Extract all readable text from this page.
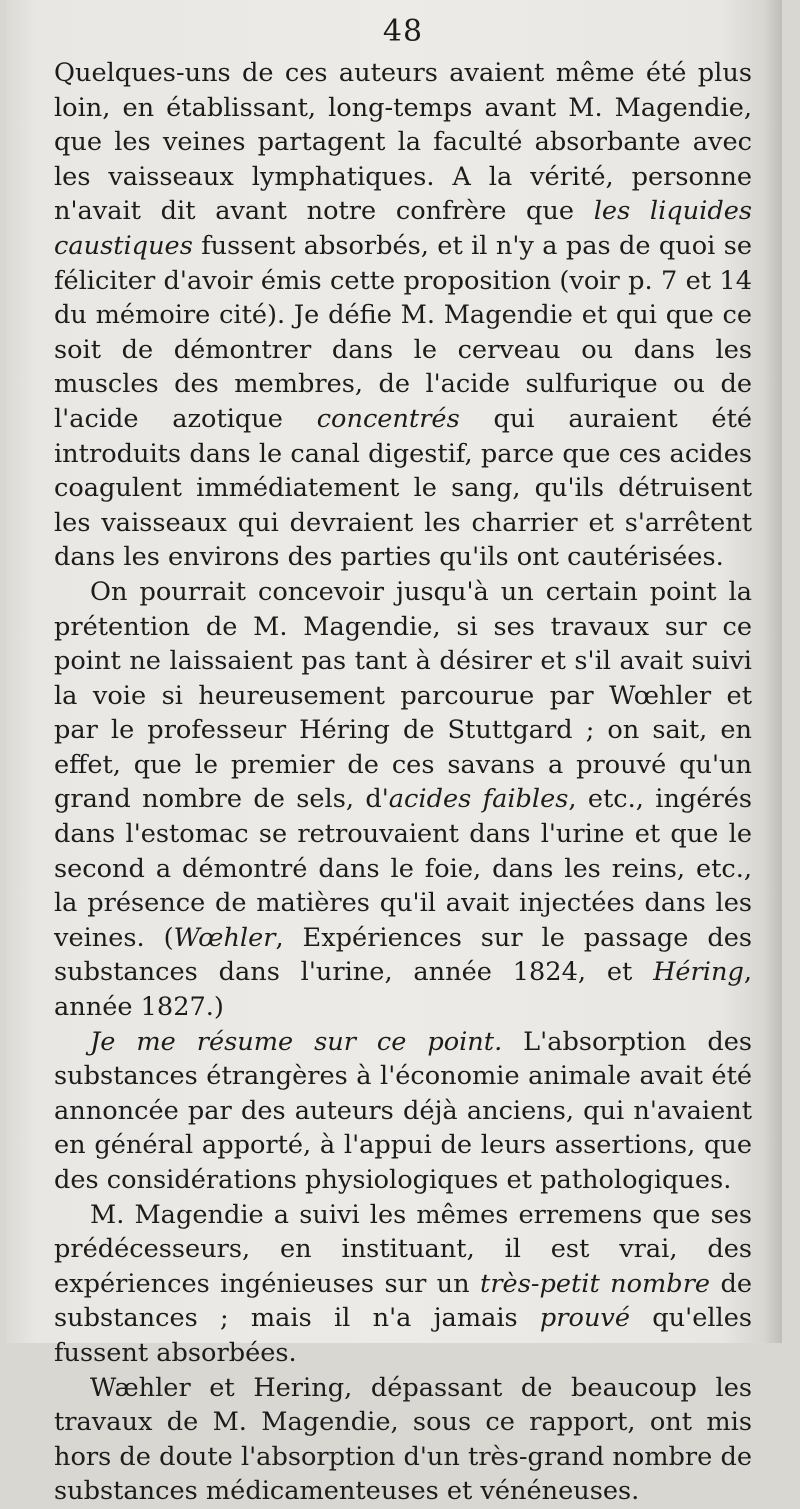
48

Quelques-uns de ces auteurs avaient même été plus loin, en établissant, long-temps avant M. Magendie, que les veines partagent la faculté absorbante avec les vaisseaux lymphatiques. A la vérité, personne n'avait dit avant notre confrère que les liquides caustiques fussent absorbés, et il n'y a pas de quoi se féliciter d'avoir émis cette proposition (voir p. 7 et 14 du mémoire cité). Je défie M. Magendie et qui que ce soit de démontrer dans le cerveau ou dans les muscles des membres, de l'acide sulfurique ou de l'acide azotique concentrés qui auraient été introduits dans le canal digestif, parce que ces acides coagulent immédiatement le sang, qu'ils détruisent les vaisseaux qui devraient les charrier et s'arrêtent dans les environs des parties qu'ils ont cautérisées.

On pourrait concevoir jusqu'à un certain point la prétention de M. Magendie, si ses travaux sur ce point ne laissaient pas tant à désirer et s'il avait suivi la voie si heureusement parcourue par Wœhler et par le professeur Héring de Stuttgard ; on sait, en effet, que le premier de ces savans a prouvé qu'un grand nombre de sels, d'acides faibles, etc., ingérés dans l'estomac se retrouvaient dans l'urine et que le second a démontré dans le foie, dans les reins, etc., la présence de matières qu'il avait injectées dans les veines. (Wœhler, Expériences sur le passage des substances dans l'urine, année 1824, et Héring, année 1827.)

Je me résume sur ce point. L'absorption des substances étrangères à l'économie animale avait été annoncée par des auteurs déjà anciens, qui n'avaient en général apporté, à l'appui de leurs assertions, que des considérations physiologiques et pathologiques.

M. Magendie a suivi les mêmes erremens que ses prédécesseurs, en instituant, il est vrai, des expériences ingénieuses sur un très-petit nombre de substances ; mais il n'a jamais prouvé qu'elles fussent absorbées.

Wæhler et Hering, dépassant de beaucoup les travaux de M. Magendie, sous ce rapport, ont mis hors de doute l'absorption d'un très-grand nombre de substances médicamenteuses et vénéneuses.
